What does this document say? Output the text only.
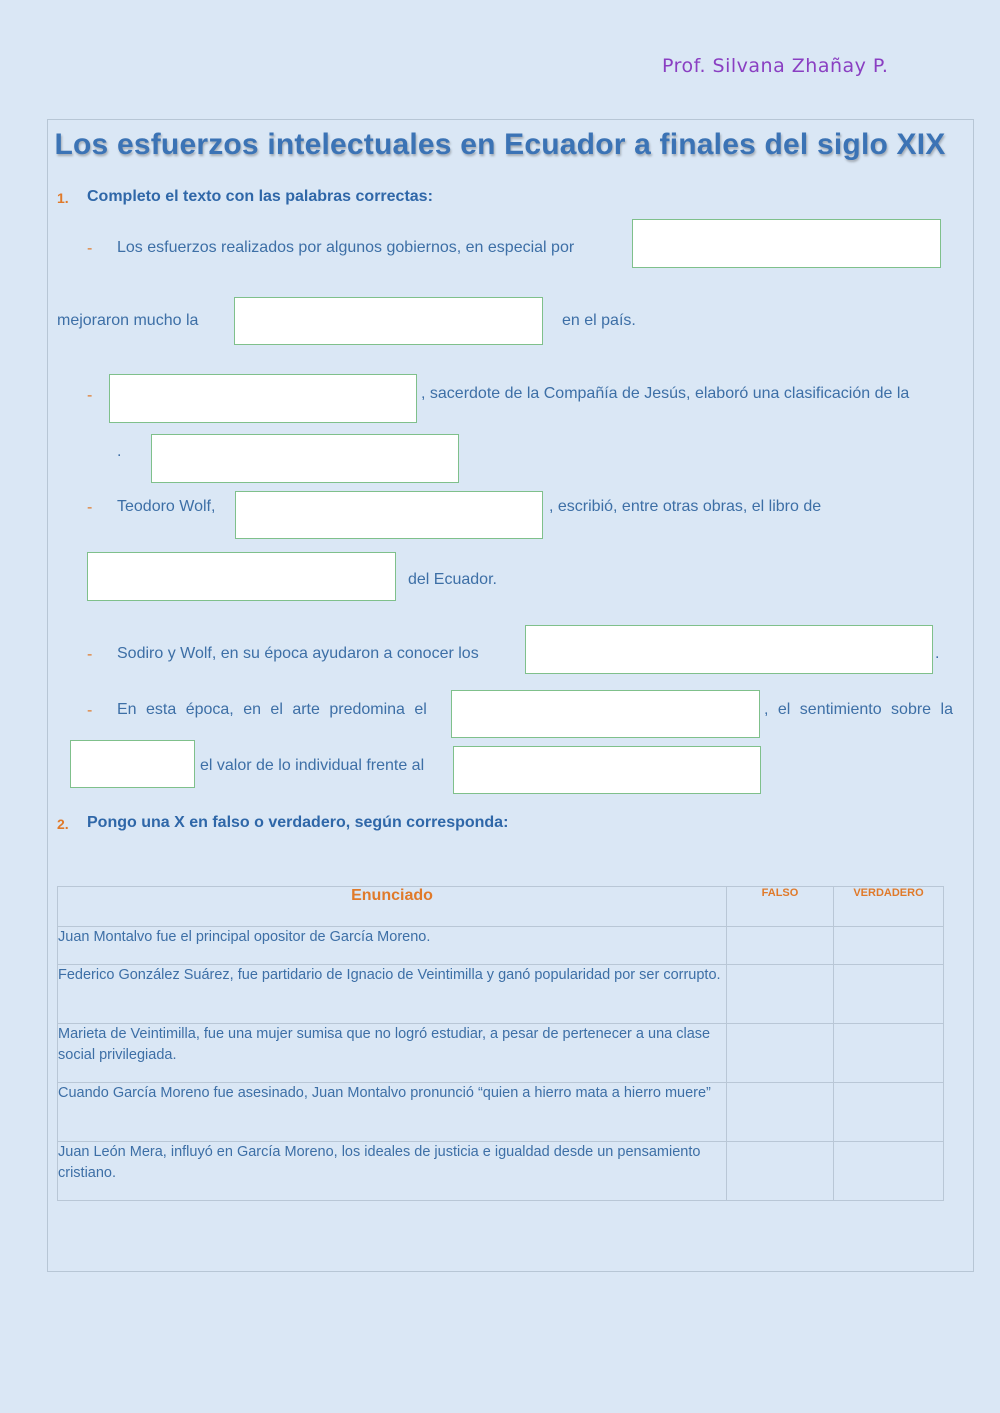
Prof. Silvana Zhañay P.
Los esfuerzos intelectuales en Ecuador a finales del siglo XIX
1. Completo el texto con las palabras correctas:
- Los esfuerzos realizados por algunos gobiernos, en especial por
mejoraron mucho la	en el país.
-	, sacerdote de la Compañía de Jesús, elaboró una clasificación de la
.
- Teodoro Wolf,	, escribió, entre otras obras, el libro de
del Ecuador.
- Sodiro y Wolf, en su época ayudaron a conocer los	.
- En esta época, en el arte predomina el	, el sentimiento sobre la
el valor de lo individual frente al
2. Pongo una X en falso o verdadero, según corresponda:
Enunciado	FALSO	VERDADERO
Juan Montalvo fue el principal opositor de García Moreno.		
Federico González Suárez, fue partidario de Ignacio de Veintimilla y ganó popularidad por ser corrupto.		
Marieta de Veintimilla, fue una mujer sumisa que no logró estudiar, a pesar de pertenecer a una clase social privilegiada.		
Cuando García Moreno fue asesinado, Juan Montalvo pronunció “quien a hierro mata a hierro muere”		
Juan León Mera, influyó en García Moreno, los ideales de justicia e igualdad desde un pensamiento cristiano.		
